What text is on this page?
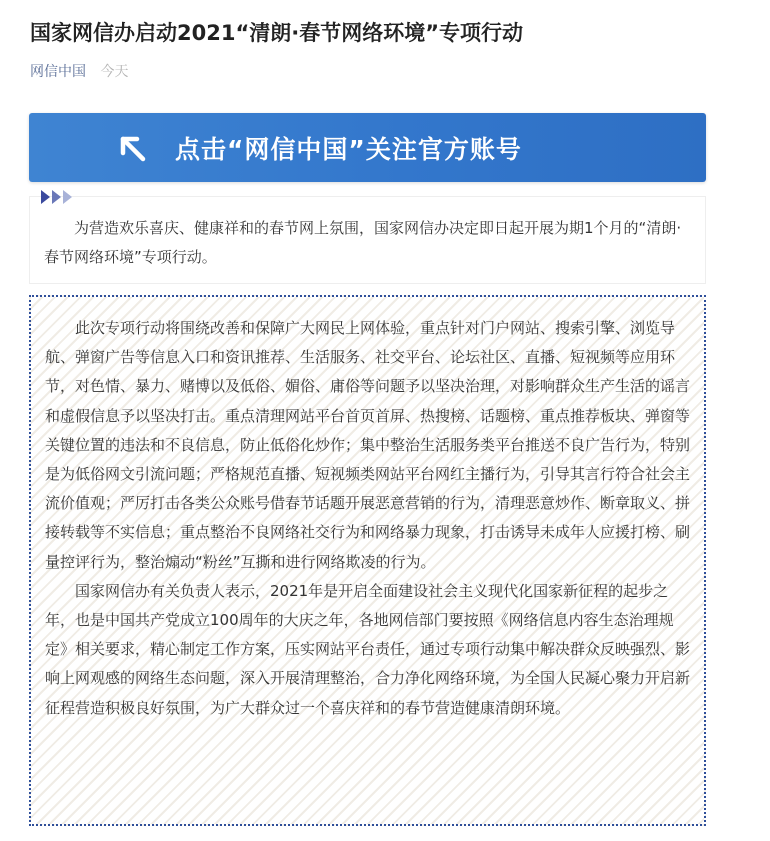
国家网信办启动2021“清朗·春节网络环境”专项行动
网信中国 今天
点击“网信中国”关注官方账号

为营造欢乐喜庆、健康祥和的春节网上氛围，国家网信办决定即日起开展为期1个月的“清朗·春节网络环境”专项行动。

此次专项行动将围绕改善和保障广大网民上网体验，重点针对门户网站、搜索引擎、浏览导航、弹窗广告等信息入口和资讯推荐、生活服务、社交平台、论坛社区、直播、短视频等应用环节，对色情、暴力、赌博以及低俗、媚俗、庸俗等问题予以坚决治理，对影响群众生产生活的谣言和虚假信息予以坚决打击。重点清理网站平台首页首屏、热搜榜、话题榜、重点推荐板块、弹窗等关键位置的违法和不良信息，防止低俗化炒作；集中整治生活服务类平台推送不良广告行为，特别是为低俗网文引流问题；严格规范直播、短视频类网站平台网红主播行为，引导其言行符合社会主流价值观；严厉打击各类公众账号借春节话题开展恶意营销的行为，清理恶意炒作、断章取义、拼接转载等不实信息；重点整治不良网络社交行为和网络暴力现象，打击诱导未成年人应援打榜、刷量控评行为，整治煽动“粉丝”互撕和进行网络欺凌的行为。

国家网信办有关负责人表示，2021年是开启全面建设社会主义现代化国家新征程的起步之年，也是中国共产党成立100周年的大庆之年，各地网信部门要按照《网络信息内容生态治理规定》相关要求，精心制定工作方案，压实网站平台责任，通过专项行动集中解决群众反映强烈、影响上网观感的网络生态问题，深入开展清理整治，合力净化网络环境，为全国人民凝心聚力开启新征程营造积极良好氛围，为广大群众过一个喜庆祥和的春节营造健康清朗环境。
